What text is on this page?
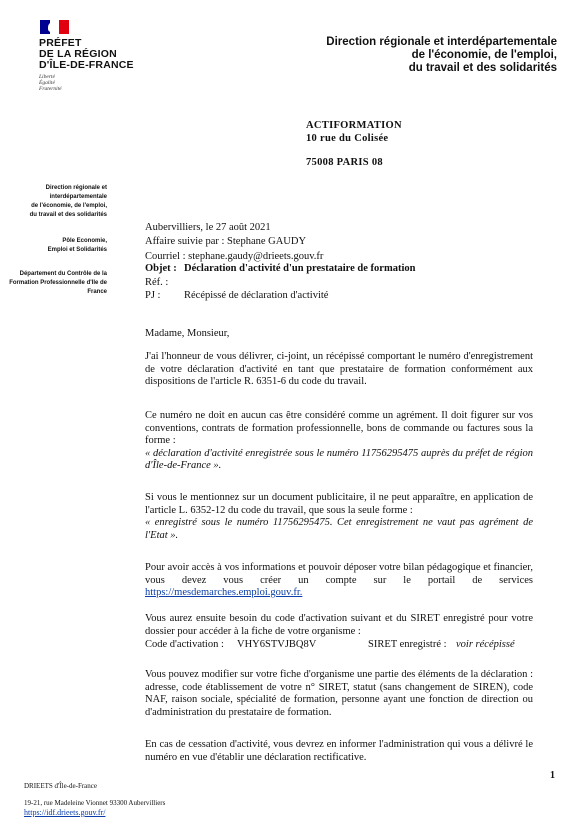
PRÉFET
DE LA RÉGION
D'ÎLE-DE-FRANCE
Liberté
Égalité
Fraternité
Direction régionale et interdépartementale
de l'économie, de l'emploi,
du travail et des solidarités
ACTIFORMATION
10 rue du Colisée
75008 PARIS 08
Direction régionale et
interdépartementale
de l'économie, de l'emploi,
du travail et des solidarités
Pôle Economie,
Emploi et Solidarités
Département du Contrôle de la
Formation Professionnelle d'Ile de
France
Aubervilliers, le 27 août 2021
Affaire suivie par : Stephane GAUDY
Courriel : stephane.gaudy@drieets.gouv.fr
Objet : Déclaration d'activité d'un prestataire de formation
Réf. :
PJ : Récépissé de déclaration d'activité
Madame, Monsieur,
J'ai l'honneur de vous délivrer, ci-joint, un récépissé comportant le numéro d'enregistrement de votre déclaration d'activité en tant que prestataire de formation conformément aux dispositions de l'article R. 6351-6 du code du travail.
Ce numéro ne doit en aucun cas être considéré comme un agrément. Il doit figurer sur vos conventions, contrats de formation professionnelle, bons de commande ou factures sous la forme :
« déclaration d'activité enregistrée sous le numéro 11756295475 auprès du préfet de région d'Île-de-France ».
Si vous le mentionnez sur un document publicitaire, il ne peut apparaître, en application de l'article L. 6352-12 du code du travail, que sous la seule forme :
« enregistré sous le numéro 11756295475. Cet enregistrement ne vaut pas agrément de l'Etat ».
Pour avoir accès à vos informations et pouvoir déposer votre bilan pédagogique et financier, vous devez vous créer un compte sur le portail de services https://mesdemarches.emploi.gouv.fr.
Vous aurez ensuite besoin du code d'activation suivant et du SIRET enregistré pour votre dossier pour accéder à la fiche de votre organisme :
Code d'activation : VHY6STVJBQ8V	SIRET enregistré : voir récépissé
Vous pouvez modifier sur votre fiche d'organisme une partie des éléments de la déclaration : adresse, code établissement de votre n° SIRET, statut (sans changement de SIREN), code NAF, raison sociale, spécialité de formation, personne ayant une fonction de direction ou d'administration du prestataire de formation.
En cas de cessation d'activité, vous devrez en informer l'administration qui vous a délivré le numéro en vue d'établir une déclaration rectificative.
1
DRIEETS d'Île-de-France
19-21, rue Madeleine Vionnet 93300 Aubervilliers
https://idf.drieets.gouv.fr/
